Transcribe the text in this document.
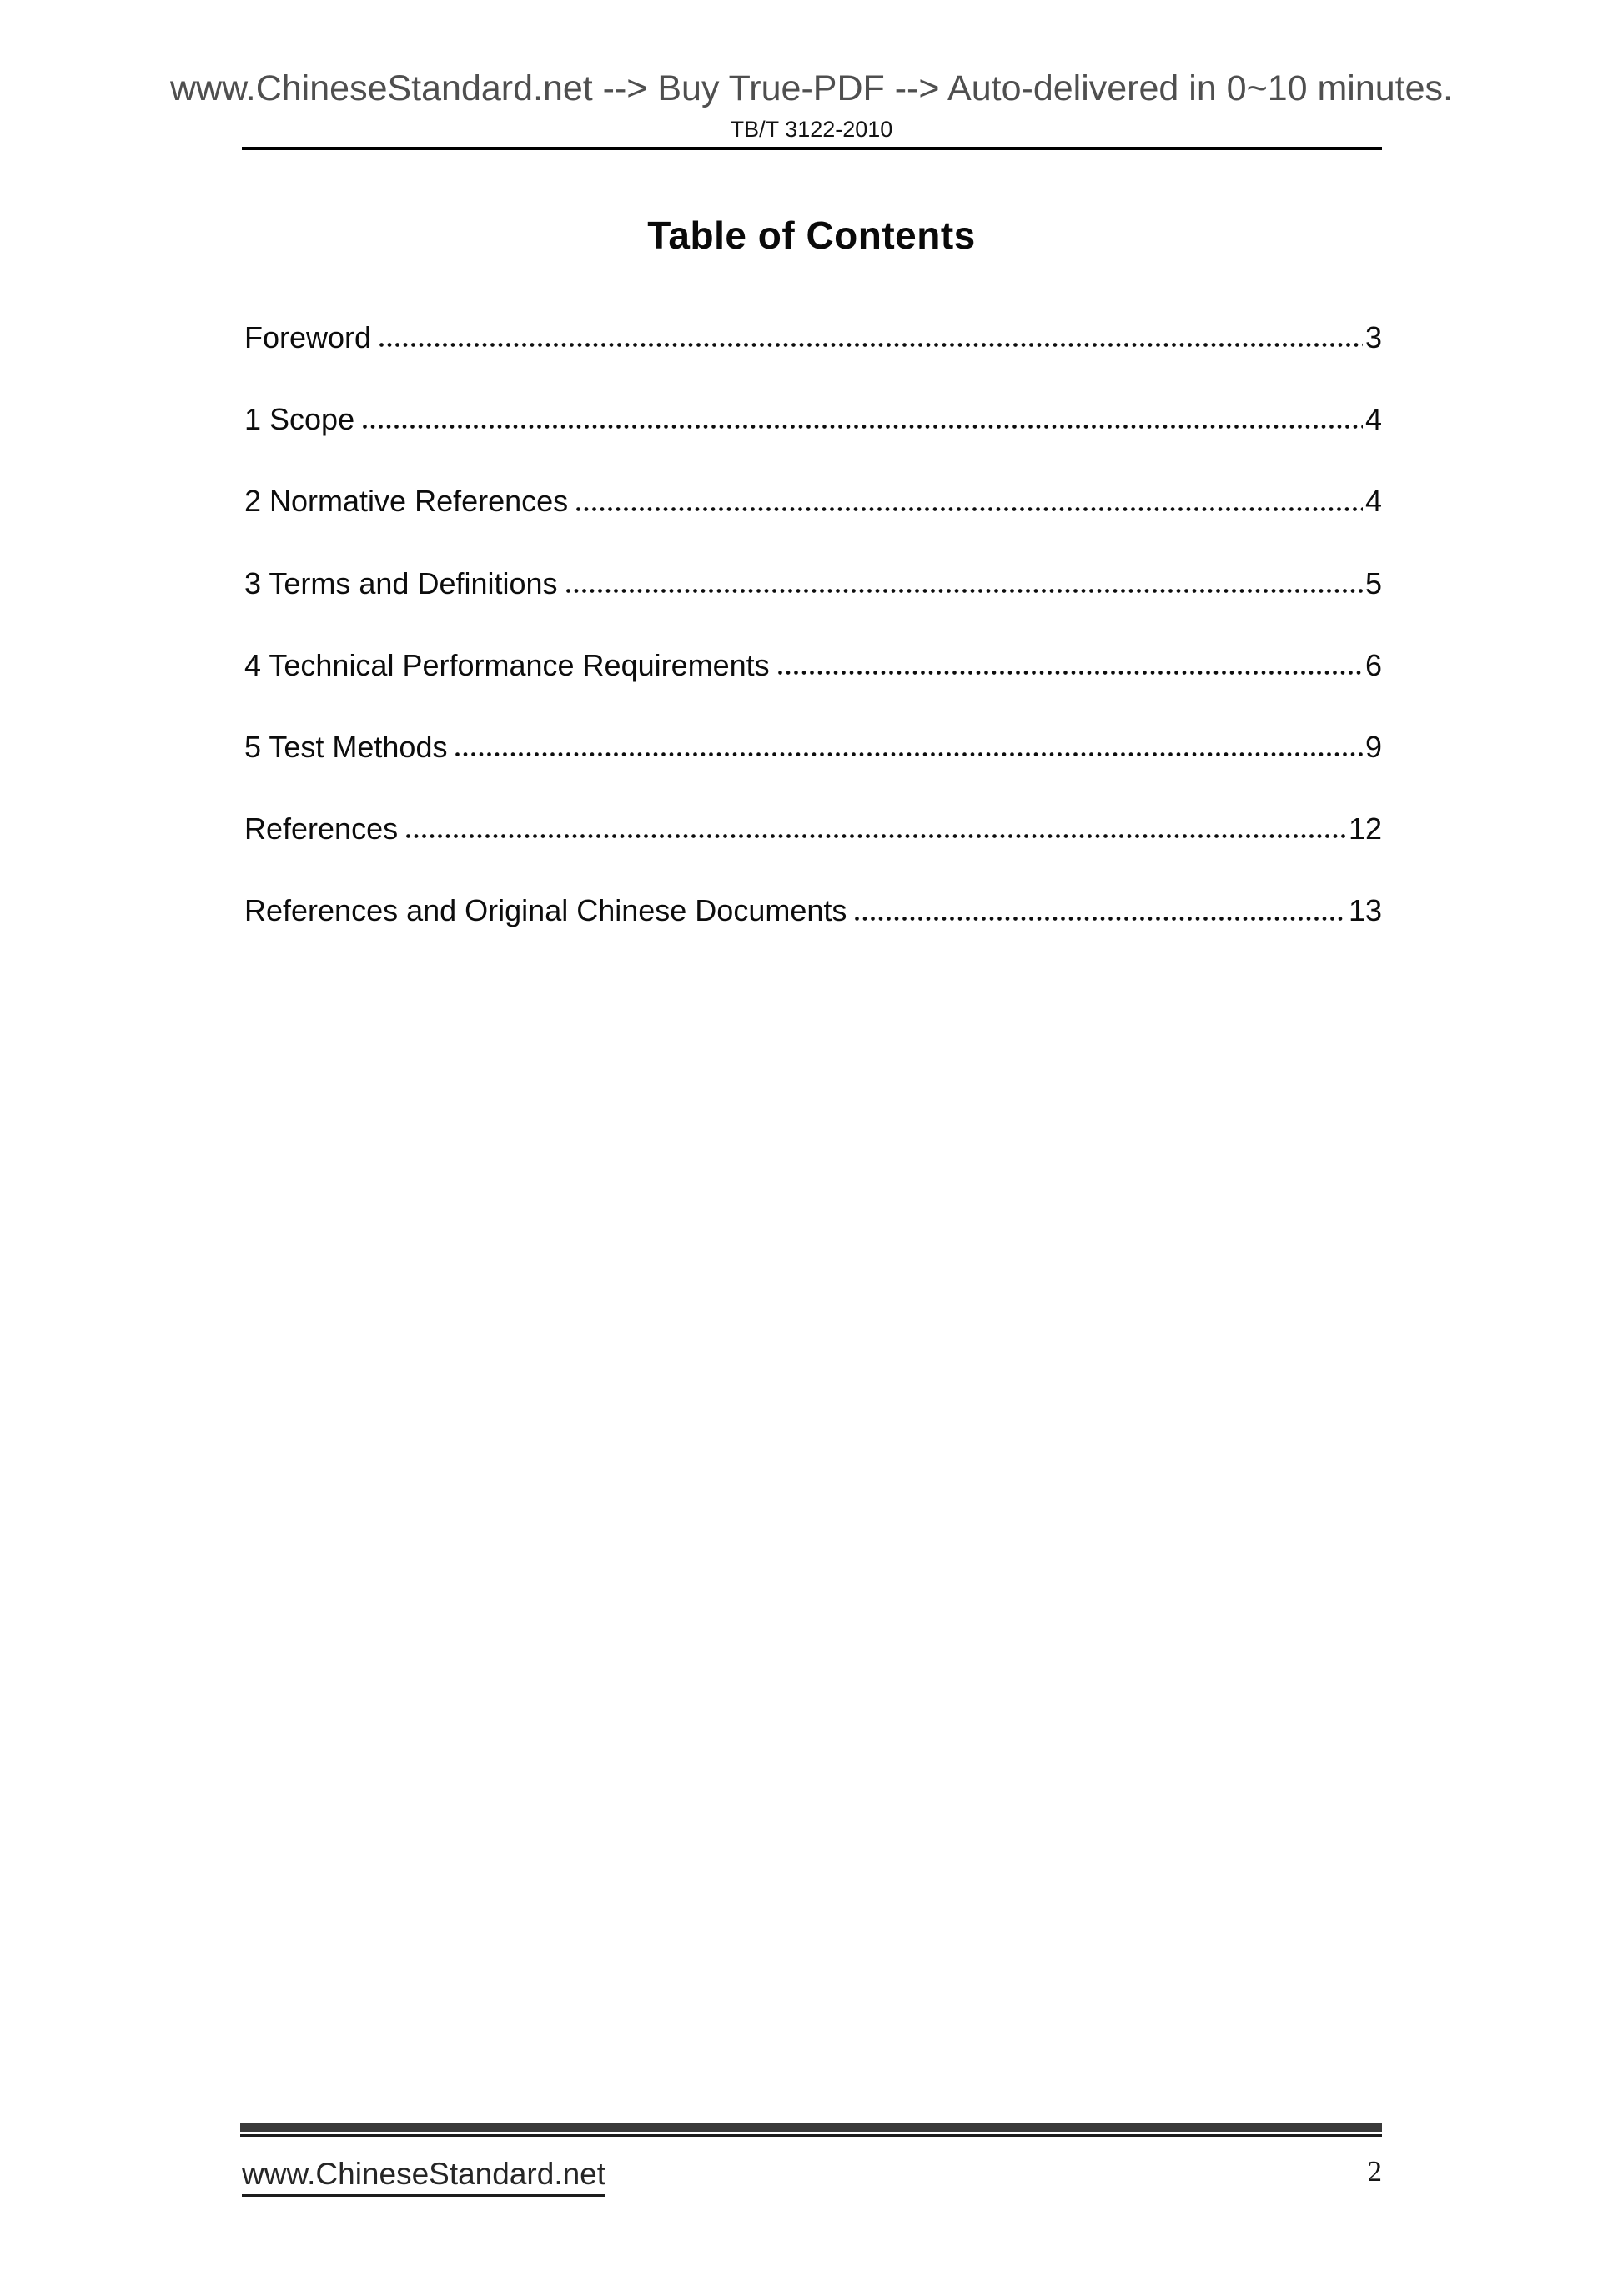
www.ChineseStandard.net --> Buy True-PDF --> Auto-delivered in 0~10 minutes.
TB/T 3122-2010
Table of Contents
Foreword	3
1 Scope	4
2 Normative References	4
3 Terms and Definitions	5
4 Technical Performance Requirements	6
5 Test Methods	9
References	12
References and Original Chinese Documents	13
www.ChineseStandard.net	2
